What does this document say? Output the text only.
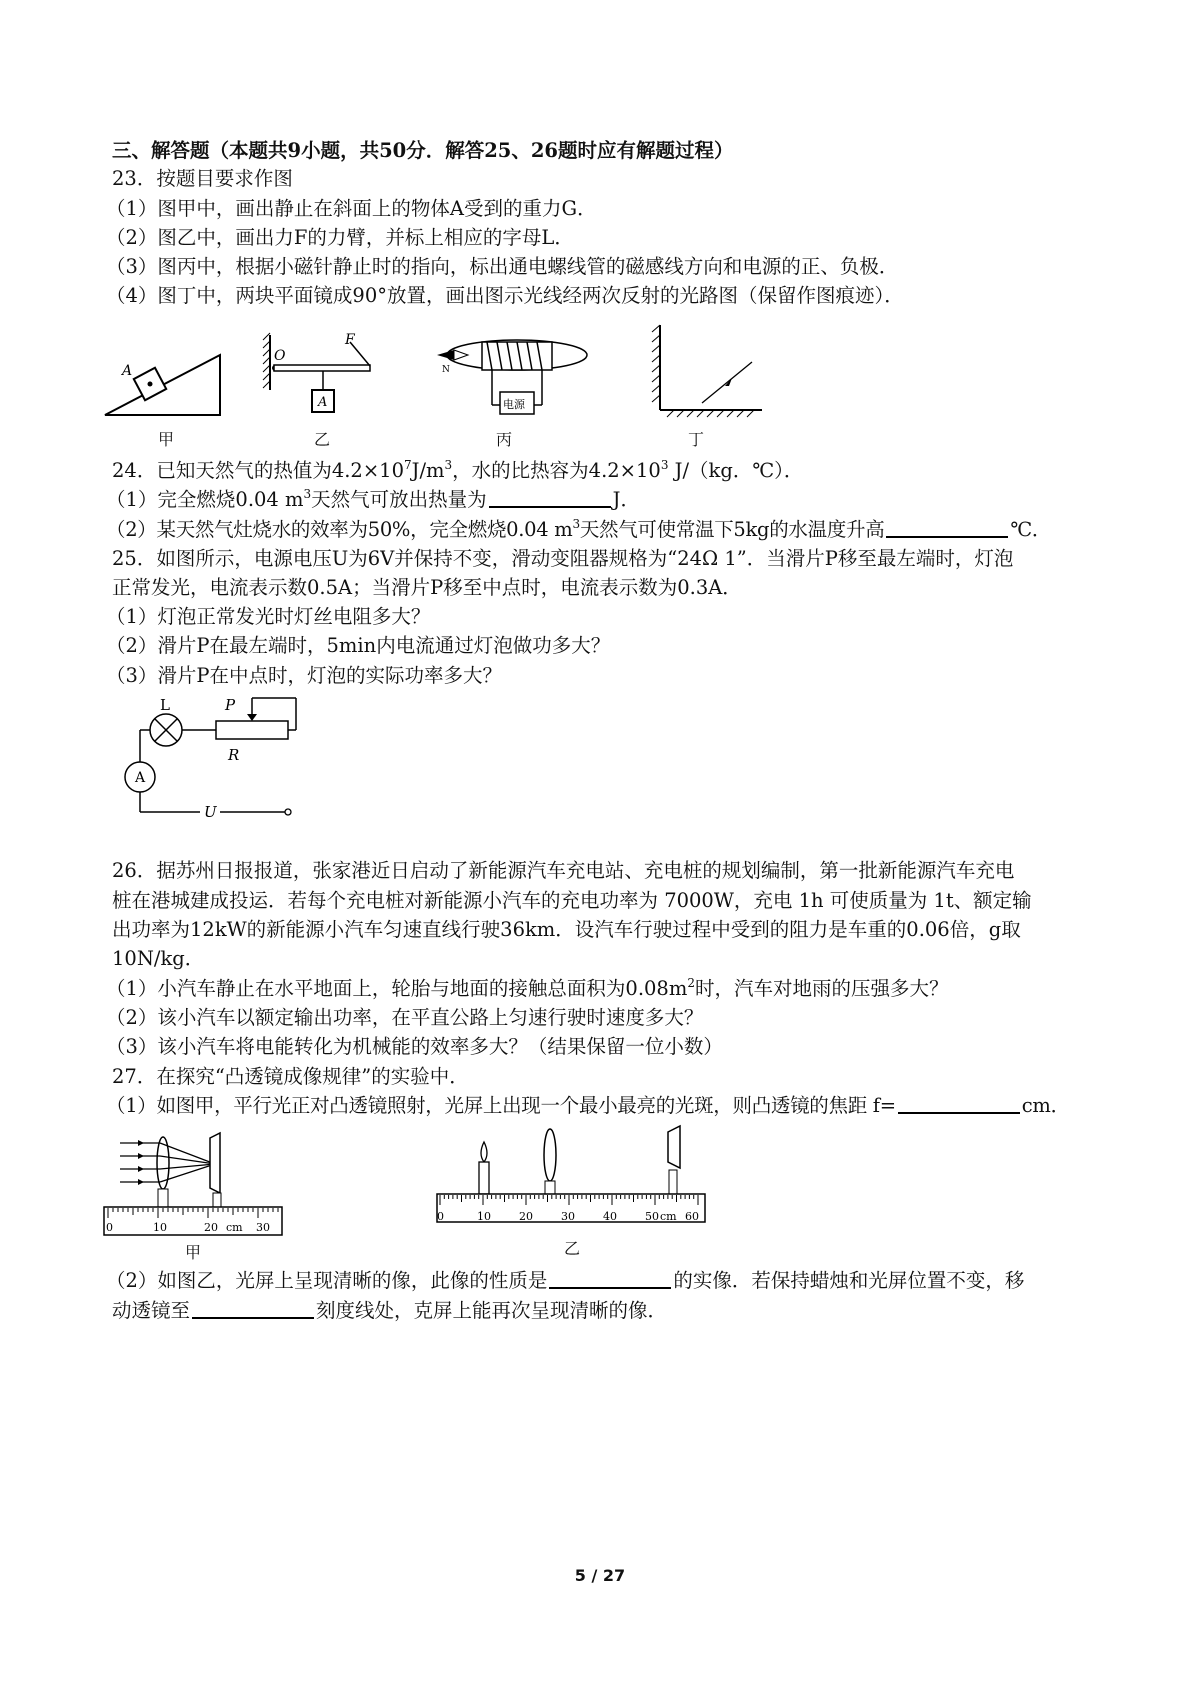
三、解答题（本题共9小题，共50分．解答25、26题时应有解题过程）
23．按题目要求作图
（1）图甲中，画出静止在斜面上的物体A受到的重力G．
（2）图乙中，画出力F的力臂，并标上相应的字母L．
（3）图丙中，根据小磁针静止时的指向，标出通电螺线管的磁感线方向和电源的正、负极．
（4）图丁中，两块平面镜成90°放置，画出图示光线经两次反射的光路图（保留作图痕迹）．
A
甲
O
F
A
乙
N
电源
丙	丁
24．已知天然气的热值为$4.2\times 10^7J/m^3$，水的比热容为$4.2\times 10^3$ J/（kg．℃）．
（1）完全燃烧0.04 $m^3$天然气可放出热量为	J．
（2）某天然气灶烧水的效率为50%，完全燃烧0.04 $m^3$天然气可使常温下5kg的水温度升高	℃．
25．如图所示，电源电压U为6V并保持不变，滑动变阻器规格为“24Ω 1”．当滑片P移至最左端时，灯泡
正常发光，电流表示数0.5A；当滑片P移至中点时，电流表示数为0.3A．
（1）灯泡正常发光时灯丝电阻多大？
（2）滑片P在最左端时，5min内电流通过灯泡做功多大？
（3）滑片P在中点时，灯泡的实际功率多大？
L	P
R
A
U
26．据苏州日报报道，张家港近日启动了新能源汽车充电站、充电桩的规划编制，第一批新能源汽车充电
桩在港城建成投运．若每个充电桩对新能源小汽车的充电功率为 7000W，充电 1h 可使质量为 1t、额定输
出功率为12kW的新能源小汽车匀速直线行驶36km．设汽车行驶过程中受到的阻力是车重的0.06倍，g取
10N/kg．
（1）小汽车静止在水平地面上，轮胎与地面的接触总面积为$0.08m^2$时，汽车对地雨的压强多大？
（2）该小汽车以额定输出功率，在平直公路上匀速行驶时速度多大？
（3）该小汽车将电能转化为机械能的效率多大？（结果保留一位小数）
27．在探究“凸透镜成像规律”的实验中．
（1）如图甲，平行光正对凸透镜照射，光屏上出现一个最小最亮的光斑，则凸透镜的焦距 f=	cm．
0	10	20 cm 30
甲
0	10	20	30	40	50 cm 60
乙
（2）如图乙，光屏上呈现清晰的像，此像的性质是	的实像．若保持蜡烛和光屏位置不变，移
动透镜至	刻度线处，克屏上能再次呈现清晰的像．
5 / 27
